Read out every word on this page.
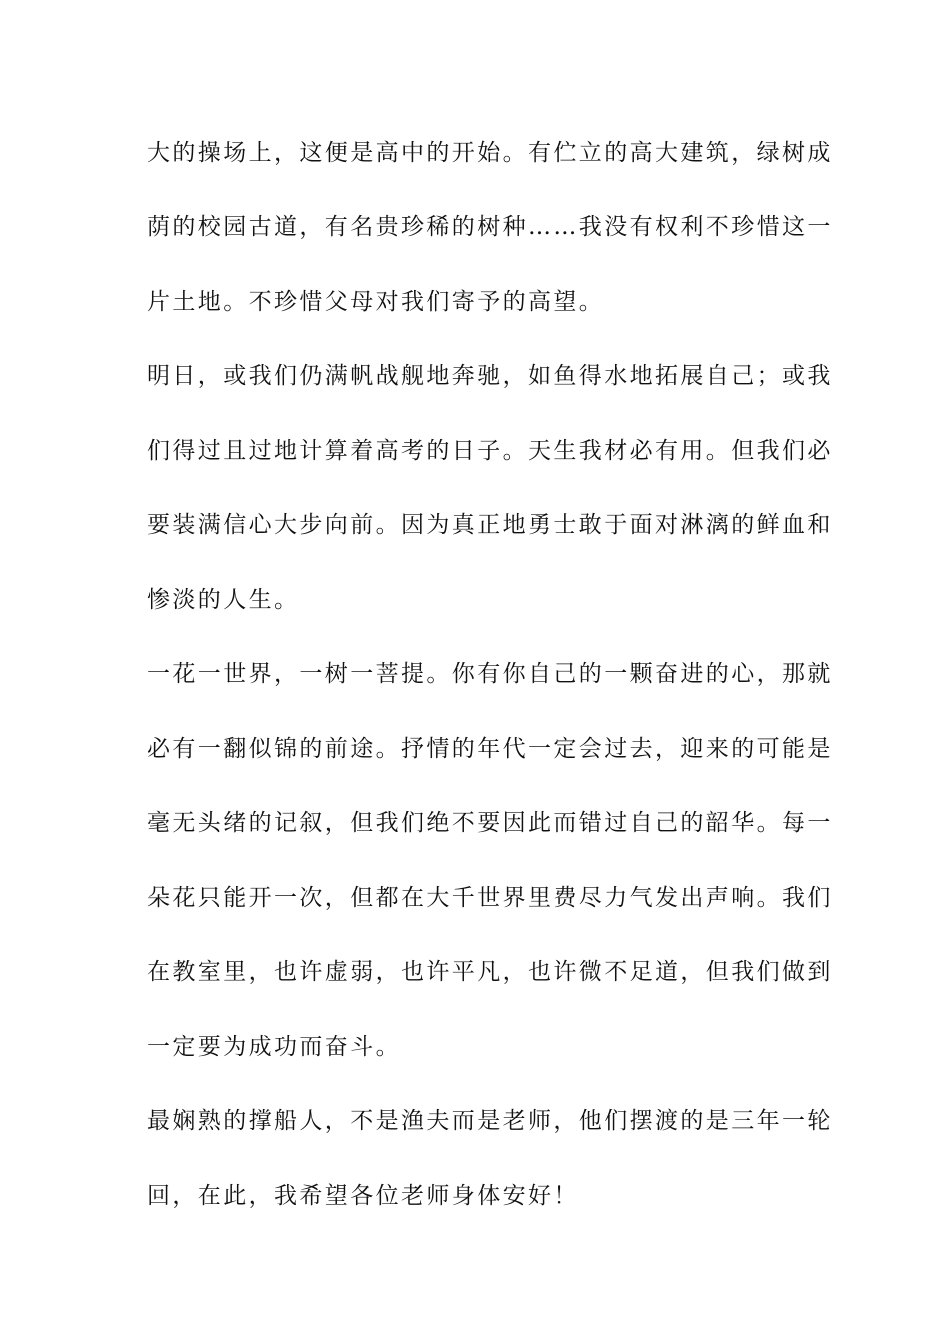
大的操场上，这便是高中的开始。有伫立的高大建筑，绿树成
荫的校园古道，有名贵珍稀的树种……我没有权利不珍惜这一
片土地。不珍惜父母对我们寄予的高望。
明日，或我们仍满帆战舰地奔驰，如鱼得水地拓展自己；或我
们得过且过地计算着高考的日子。天生我材必有用。但我们必
要装满信心大步向前。因为真正地勇士敢于面对淋漓的鲜血和
惨淡的人生。
一花一世界，一树一菩提。你有你自己的一颗奋进的心，那就
必有一翻似锦的前途。抒情的年代一定会过去，迎来的可能是
毫无头绪的记叙，但我们绝不要因此而错过自己的韶华。每一
朵花只能开一次，但都在大千世界里费尽力气发出声响。我们
在教室里，也许虚弱，也许平凡，也许微不足道，但我们做到
一定要为成功而奋斗。
最娴熟的撑船人，不是渔夫而是老师，他们摆渡的是三年一轮
回，在此，我希望各位老师身体安好！
